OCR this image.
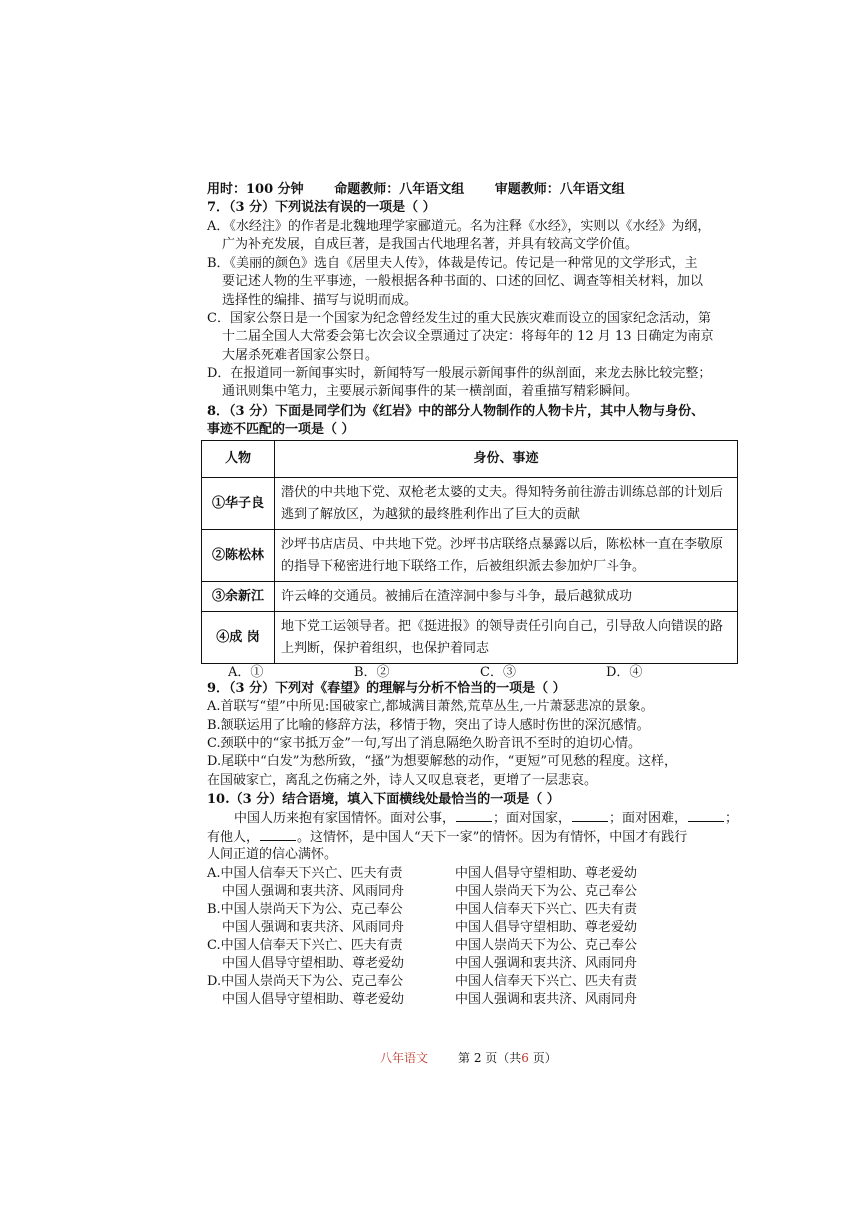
用时：100 分钟 命题教师：八年语文组 审题教师：八年语文组
7．（3 分）下列说法有误的一项是（ ）
A．《水经注》的作者是北魏地理学家郦道元。名为注释《水经》，实则以《水经》为纲，
广为补充发展，自成巨著，是我国古代地理名著，并具有较高文学价值。
B．《美丽的颜色》选自《居里夫人传》，体裁是传记。传记是一种常见的文学形式，主
要记述人物的生平事迹，一般根据各种书面的、口述的回忆、调查等相关材料，加以
选择性的编排、描写与说明而成。
C．国家公祭日是一个国家为纪念曾经发生过的重大民族灾难而设立的国家纪念活动，第
十二届全国人大常委会第七次会议全票通过了决定：将每年的 12 月 13 日确定为南京
大屠杀死难者国家公祭日。
D．在报道同一新闻事实时，新闻特写一般展示新闻事件的纵剖面，来龙去脉比较完整；
通讯则集中笔力，主要展示新闻事件的某一横剖面，着重描写精彩瞬间。
8．（3 分）下面是同学们为《红岩》中的部分人物制作的人物卡片，其中人物与身份、
事迹不匹配的一项是（ ）
人物	身份、事迹
①华子良	潜伏的中共地下党、双枪老太婆的丈夫。得知特务前往游击训练总部的计划后逃到了解放区，为越狱的最终胜利作出了巨大的贡献
②陈松林	沙坪书店店员、中共地下党。沙坪书店联络点暴露以后，陈松林一直在李敬原的指导下秘密进行地下联络工作，后被组织派去参加炉厂斗争。
③余新江	许云峰的交通员。被捕后在渣滓洞中参与斗争，最后越狱成功
④成 岗	地下党工运领导者。把《挺进报》的领导责任引向自己，引导敌人向错误的路上判断，保护着组织，也保护着同志
A．①	B．②	C．③	D．④
9．（3 分）下列对《春望》的理解与分析不恰当的一项是（ ）
A.首联写“望”中所见:国破家亡,都城满目萧然,荒草丛生,一片萧瑟悲凉的景象。
B.颔联运用了比喻的修辞方法，移情于物，突出了诗人感时伤世的深沉感情。
C.颈联中的“家书抵万金”一句,写出了消息隔绝久盼音讯不至时的迫切心情。
D.尾联中“白发”为愁所致，“搔”为想要解愁的动作，“更短”可见愁的程度。这样，
在国破家亡，离乱之伤痛之外，诗人又叹息衰老，更增了一层悲哀。
10.（3 分）结合语境，填入下面横线处最恰当的一项是（ ）
中国人历来抱有家国情怀。面对公事，	；面对国家，	；面对困难，	；
有他人，	。这情怀，是中国人“天下一家”的情怀。因为有情怀，中国才有践行
人间正道的信心满怀。
A.中国人信奉天下兴亡、匹夫有责	中国人倡导守望相助、尊老爱幼
中国人强调和衷共济、风雨同舟	中国人崇尚天下为公、克己奉公
B.中国人崇尚天下为公、克己奉公	中国人信奉天下兴亡、匹夫有责
中国人强调和衷共济、风雨同舟	中国人倡导守望相助、尊老爱幼
C.中国人信奉天下兴亡、匹夫有责	中国人崇尚天下为公、克己奉公
中国人倡导守望相助、尊老爱幼	中国人强调和衷共济、风雨同舟
D.中国人崇尚天下为公、克己奉公	中国人信奉天下兴亡、匹夫有责
中国人倡导守望相助、尊老爱幼	中国人强调和衷共济、风雨同舟
八年语文	第 2 页（共6 页）
